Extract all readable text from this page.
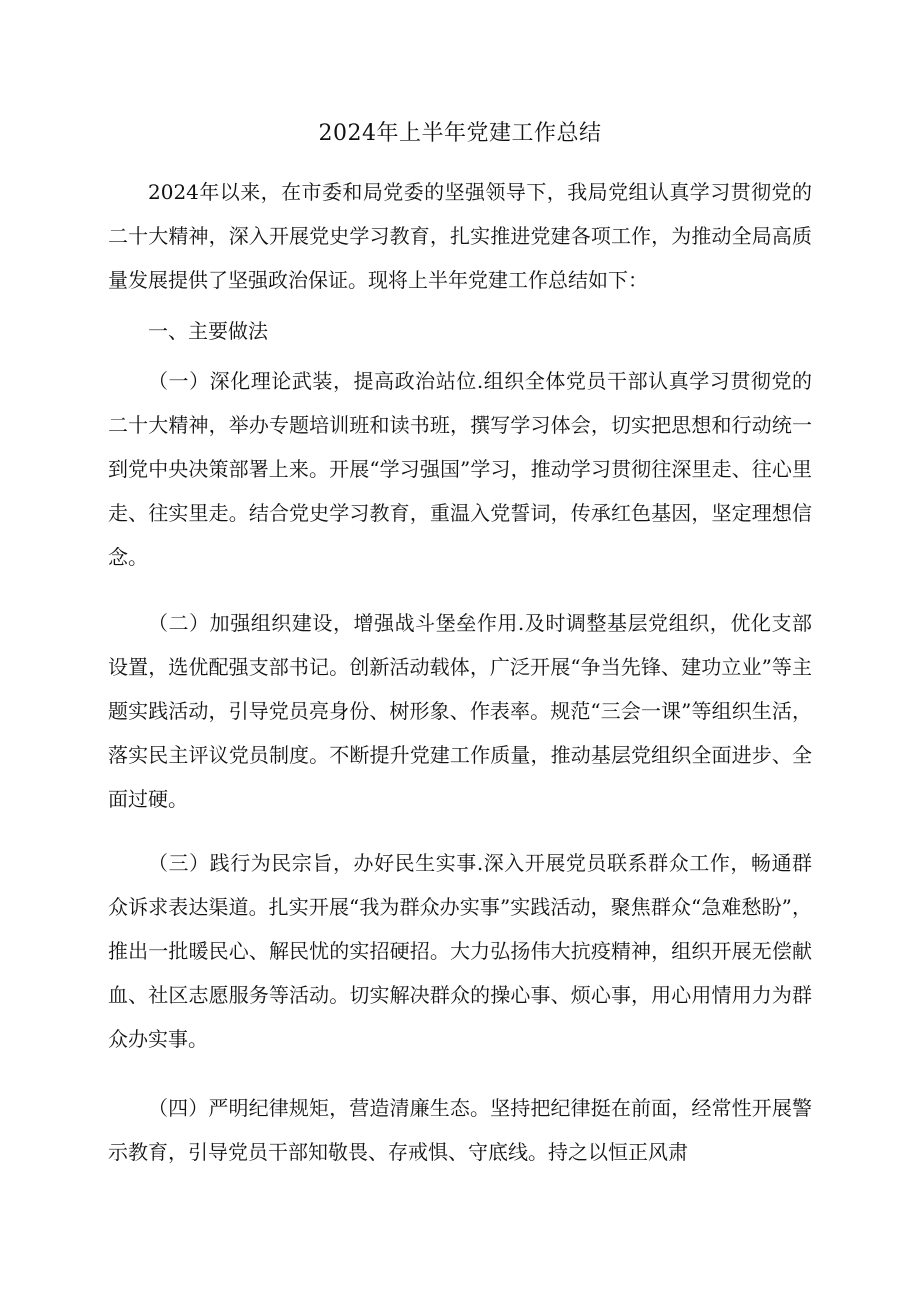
2024年上半年党建工作总结

2024年以来，在市委和局党委的坚强领导下，我局党组认真学习贯彻党的二十大精神，深入开展党史学习教育，扎实推进党建各项工作，为推动全局高质量发展提供了坚强政治保证。现将上半年党建工作总结如下：

一、主要做法

（一）深化理论武装，提高政治站位.组织全体党员干部认真学习贯彻党的二十大精神，举办专题培训班和读书班，撰写学习体会，切实把思想和行动统一到党中央决策部署上来。开展“学习强国”学习，推动学习贯彻往深里走、往心里走、往实里走。结合党史学习教育，重温入党誓词，传承红色基因，坚定理想信念。

（二）加强组织建设，增强战斗堡垒作用.及时调整基层党组织，优化支部设置，选优配强支部书记。创新活动载体，广泛开展“争当先锋、建功立业”等主题实践活动，引导党员亮身份、树形象、作表率。规范“三会一课”等组织生活，落实民主评议党员制度。不断提升党建工作质量，推动基层党组织全面进步、全面过硬。

（三）践行为民宗旨，办好民生实事.深入开展党员联系群众工作，畅通群众诉求表达渠道。扎实开展“我为群众办实事”实践活动，聚焦群众“急难愁盼”，推出一批暖民心、解民忧的实招硬招。大力弘扬伟大抗疫精神，组织开展无偿献血、社区志愿服务等活动。切实解决群众的操心事、烦心事，用心用情用力为群众办实事。

（四）严明纪律规矩，营造清廉生态。坚持把纪律挺在前面，经常性开展警示教育，引导党员干部知敬畏、存戒惧、守底线。持之以恒正风肃
